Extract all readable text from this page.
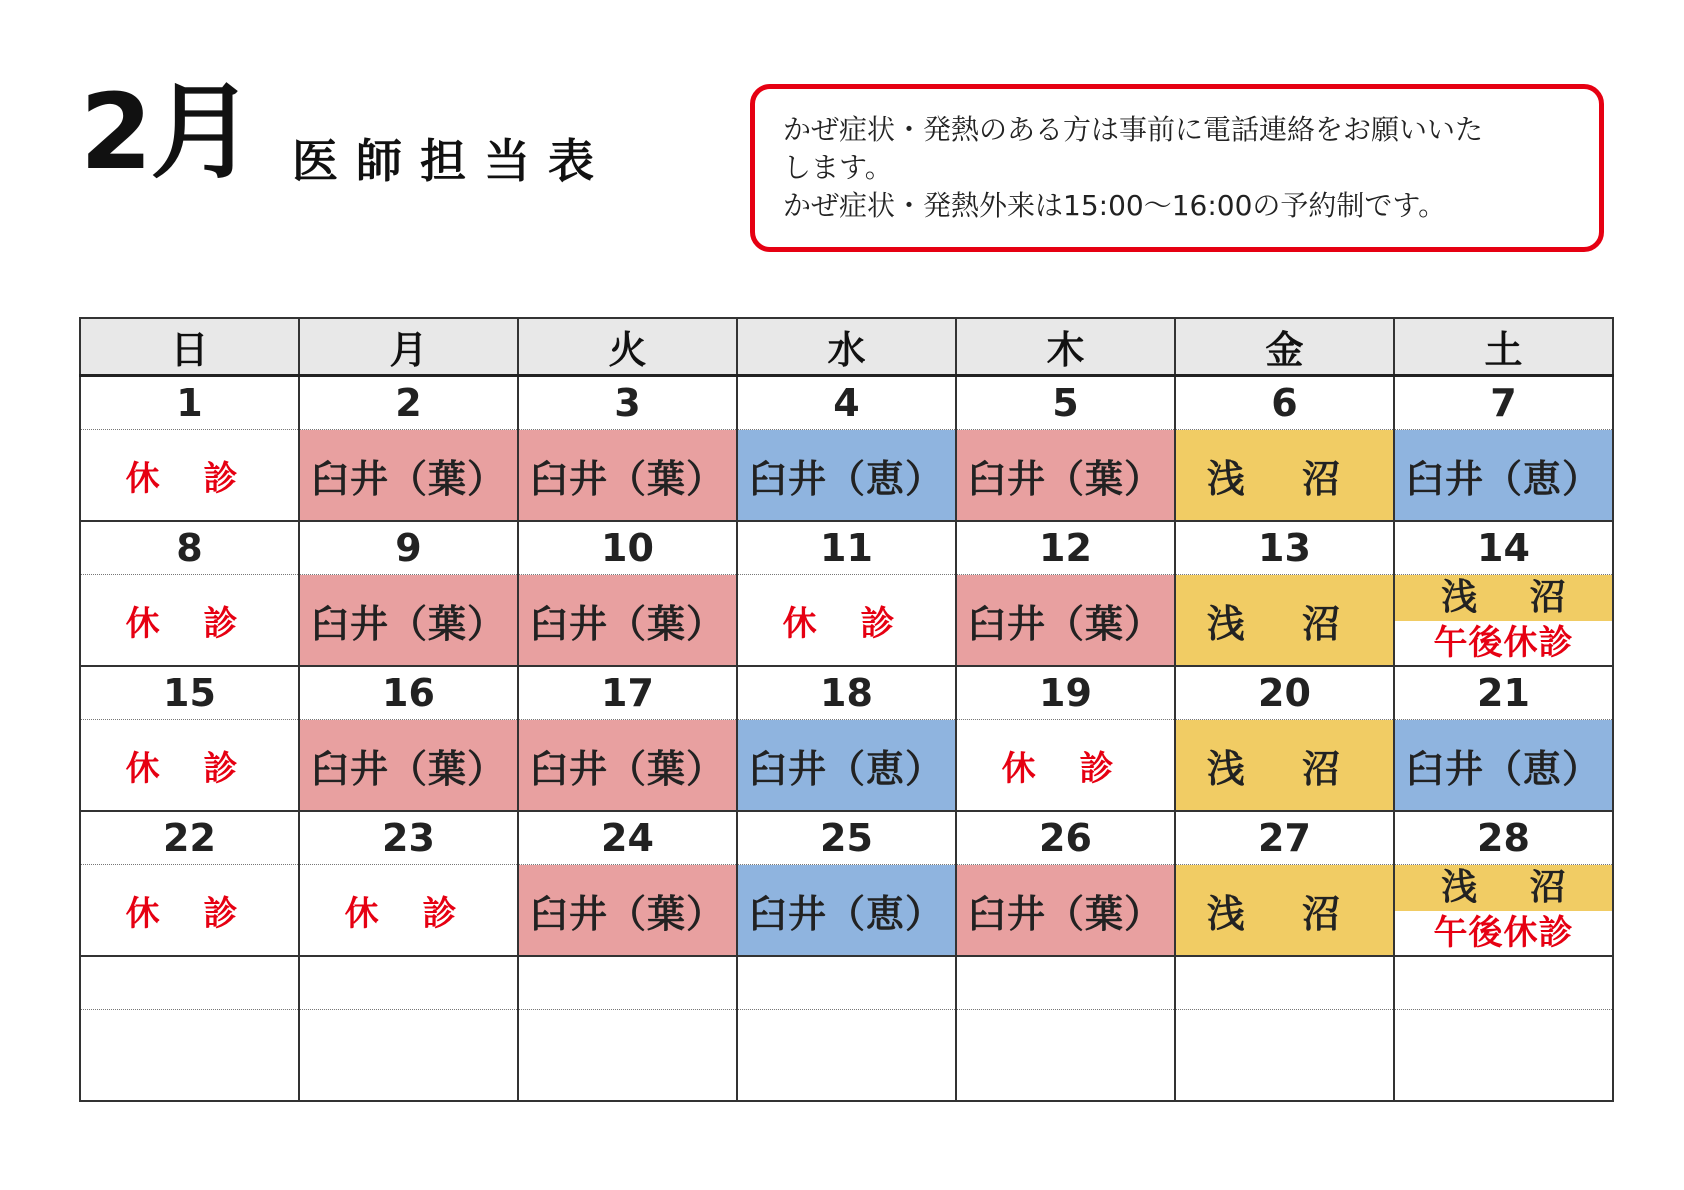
2月 医師担当表
かぜ症状・発熱のある方は事前に電話連絡をお願いいた
します。
かぜ症状・発熱外来は15:00～16:00の予約制です。
日	月	火	水	木	金	土
1	2	3	4	5	6	7
休 診	臼井（葉）	臼井（葉）	臼井（恵）	臼井（葉）	浅 沼	臼井（恵）
8	9	10	11	12	13	14
休 診	臼井（葉）	臼井（葉）	休 診	臼井（葉）	浅 沼	浅 沼
午後休診

15	16	17	18	19	20	21
休 診	臼井（葉）	臼井（葉）	臼井（恵）	休 診	浅 沼	臼井（恵）
22	23	24	25	26	27	28
休 診	休 診	臼井（葉）	臼井（恵）	臼井（葉）	浅 沼	浅 沼
午後休診
